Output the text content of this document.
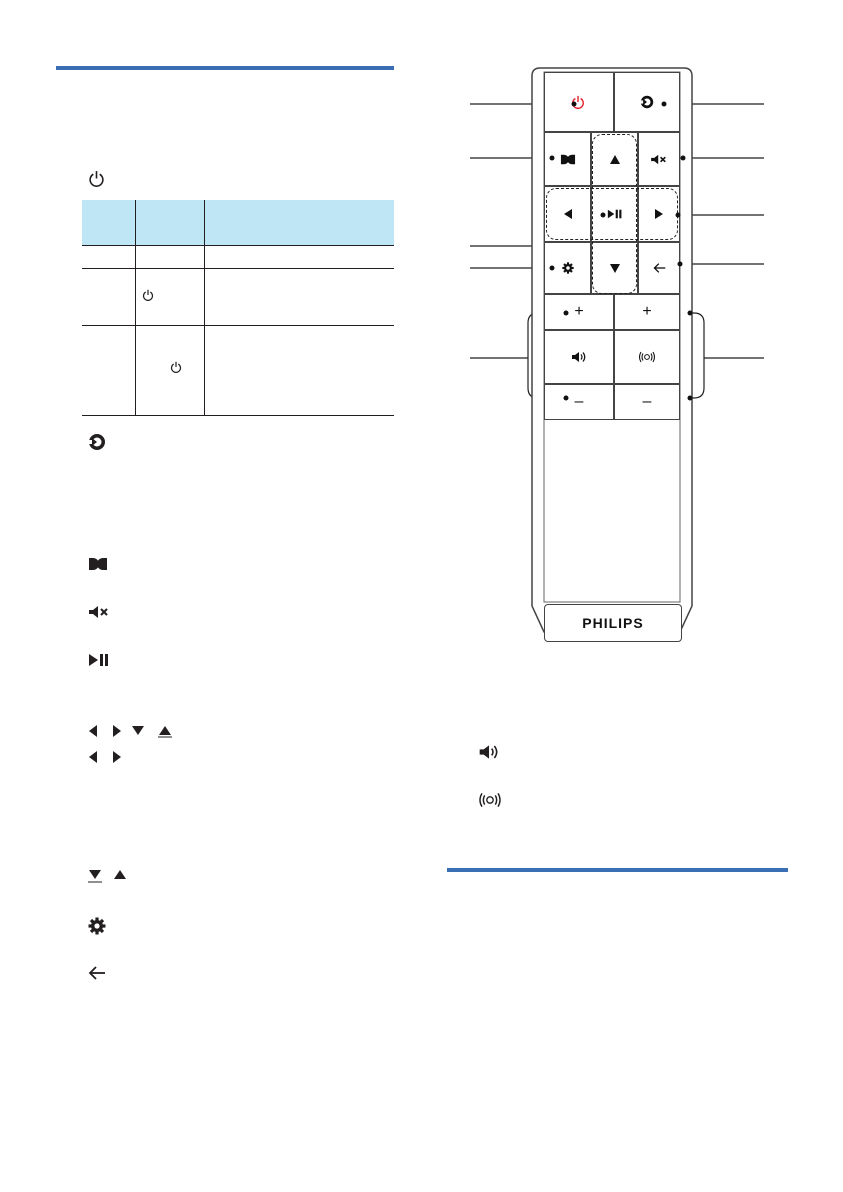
+	+
–	–
PHILIPS
